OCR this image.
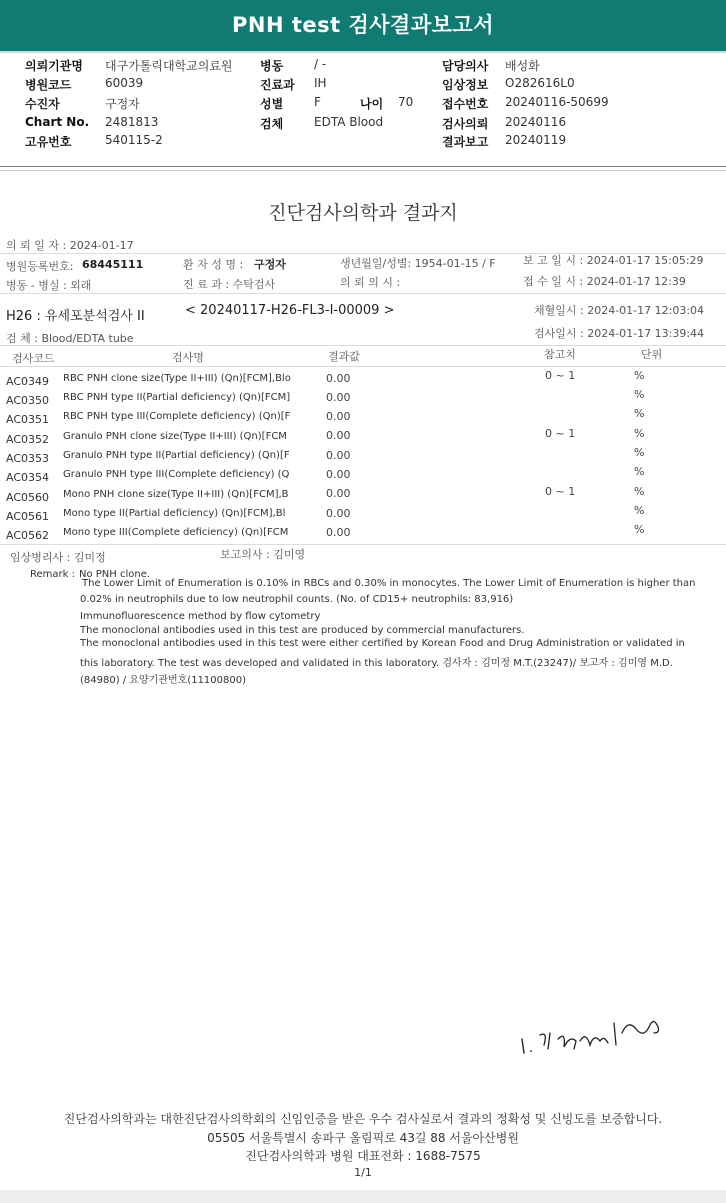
PNH test 검사결과보고서
의뢰기관명 대구가톨릭대학교의료원
병원코드	60039
수진자	구정자
Chart No. 2481813
고유번호	540115-2
병동	/ -
진료과 IH
성별	F	나이 70
검체	EDTA Blood
담당의사 배성화
임상정보 O282616L0
접수번호 20240116-50699
검사의뢰 20240116
결과보고 20240119
진단검사의학과 결과지
의 뢰 일 자 : 2024-01-17
병원등록번호: 68445111	환 자 성 명 : 구정자	생년월일/성별: 1954-01-15 / F 보 고 일 시 : 2024-01-17 15:05:29
병동 - 병실 : 외래	진 료 과 : 수탁검사	의 뢰 의 시 :	접 수 일 시 : 2024-01-17 12:39
H26 : 유세포분석검사 II	< 20240117-H26-FL3-I-00009 >	채혈일시 : 2024-01-17 12:03:04
검 체 : Blood/EDTA tube	검사일시 : 2024-01-17 13:39:44
검사코드	검사명	결과값	참고치	단위
AC0349 RBC PNH clone size(Type II+III) (Qn)[FCM],Blo	0.00	0 ~ 1	%
AC0350 RBC PNH type II(Partial deficiency) (Qn)[FCM]	0.00	%
AC0351 RBC PNH type III(Complete deficiency) (Qn)[F	0.00	%
AC0352 Granulo PNH clone size(Type II+III) (Qn)[FCM	0.00	0 ~ 1	%
AC0353 Granulo PNH type II(Partial deficiency) (Qn)[F	0.00	%
AC0354 Granulo PNH type III(Complete deficiency) (Q	0.00	%
AC0560 Mono PNH clone size(Type II+III) (Qn)[FCM],B	0.00	0 ~ 1	%
AC0561 Mono type II(Partial deficiency) (Qn)[FCM],Bl	0.00	%
AC0562 Mono type III(Complete deficiency) (Qn)[FCM	0.00	%
임상병리사 : 김미정	보고의사 : 김미영
Remark : No PNH clone.
The Lower Limit of Enumeration is 0.10% in RBCs and 0.30% in monocytes. The Lower Limit of Enumeration is higher than
0.02% in neutrophils due to low neutrophil counts. (No. of CD15+ neutrophils: 83,916)
Immunofluorescence method by flow cytometry
The monoclonal antibodies used in this test are produced by commercial manufacturers.
The monoclonal antibodies used in this test were either certified by Korean Food and Drug Administration or validated in
this laboratory. The test was developed and validated in this laboratory. 검사자 : 김미정 M.T.(23247)/ 보고자 : 김미영 M.D.
(84980) / 요양기관번호(11100800)
진단검사의학과는 대한진단검사의학회의 신임인증을 받은 우수 검사실로서 결과의 정확성 및 신빙도를 보증합니다.
05505 서울특별시 송파구 올림픽로 43길 88 서울아산병원
진단검사의학과 병원 대표전화 : 1688-7575
1/1
